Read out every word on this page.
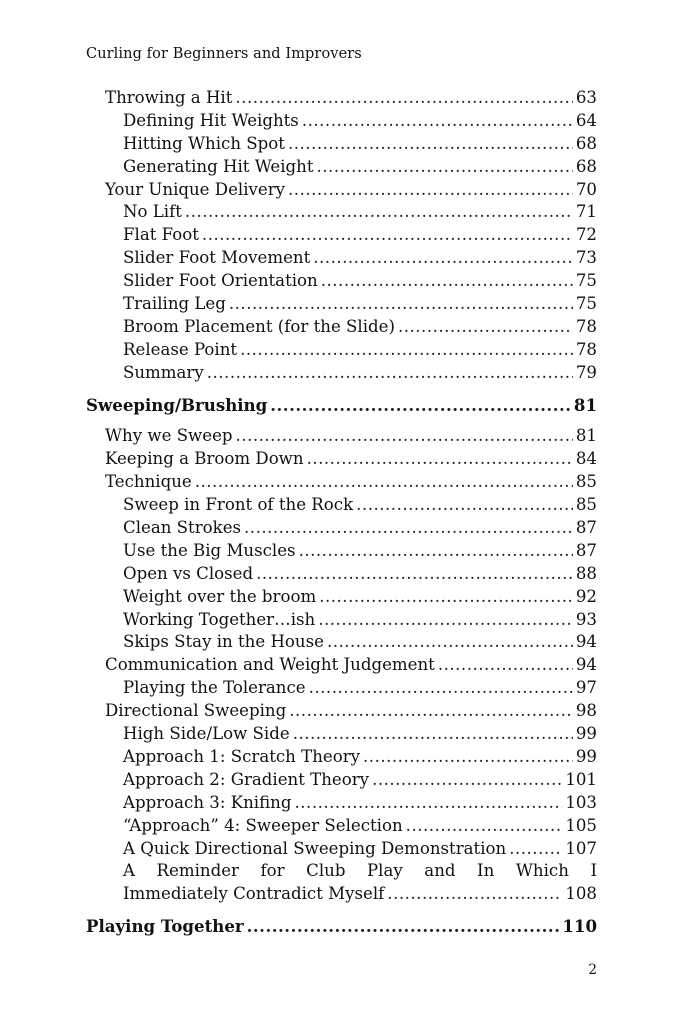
Curling for Beginners and Improvers
Throwing a Hit .....	63
Defining Hit Weights .....	64
Hitting Which Spot .....	68
Generating Hit Weight .....	68
Your Unique Delivery .....	70
No Lift .....	71
Flat Foot .....	72
Slider Foot Movement .....	73
Slider Foot Orientation .....	75
Trailing Leg .....	75
Broom Placement (for the Slide) .....	78
Release Point .....	78
Summary .....	79
Sweeping/Brushing .....	81
Why we Sweep .....	81
Keeping a Broom Down .....	84
Technique .....	85
Sweep in Front of the Rock .....	85
Clean Strokes .....	87
Use the Big Muscles .....	87
Open vs Closed .....	88
Weight over the broom .....	92
Working Together…ish .....	93
Skips Stay in the House .....	94
Communication and Weight Judgement .....	94
Playing the Tolerance .....	97
Directional Sweeping .....	98
High Side/Low Side .....	99
Approach 1: Scratch Theory .....	99
Approach 2: Gradient Theory .....	101
Approach 3: Knifing .....	103
“Approach” 4: Sweeper Selection .....	105
A Quick Directional Sweeping Demonstration .....	107
A Reminder for Club Play and In Which I
Immediately Contradict Myself .....	108
Playing Together .....	110
2
